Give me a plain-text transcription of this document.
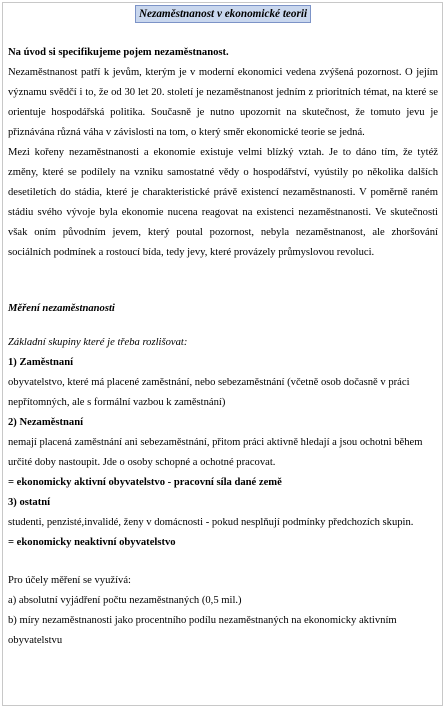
Nezaměstnanost v ekonomické teorii

Na úvod si specifikujeme pojem nezaměstnanost.

Nezaměstnanost patří k jevům, kterým je v moderní ekonomici vedena zvýšená pozornost. O jejím významu svědčí i to, že od 30 let 20. století je nezaměstnanost jedním z prioritních témat, na které se orientuje hospodářská politika. Současně je nutno upozornit na skutečnost, že tomuto jevu je přiznávána různá váha v závislosti na tom, o který směr ekonomické teorie se jedná.

Mezi kořeny nezaměstnanosti a ekonomie existuje velmi blízký vztah. Je to dáno tím, že tytéž změny, které se podílely na vzniku samostatné vědy o hospodářství, vyústily po několika dalších desetiletích do stádia, které je charakteristické právě existencí nezaměstnanosti. V poměrně raném stádiu svého vývoje byla ekonomie nucena reagovat na existenci nezaměstnanosti. Ve skutečnosti však oním původním jevem, který poutal pozornost, nebyla nezaměstnanost, ale zhoršování sociálních podmínek a rostoucí bída, tedy jevy, které provázely průmyslovou revoluci.

Měření nezaměstnanosti

Základní skupiny které je třeba rozlišovat:

1) Zaměstnaní

obyvatelstvo, které má placené zaměstnání, nebo sebezaměstnání (včetně osob dočasně v práci nepřítomných, ale s formální vazbou k zaměstnání)

2) Nezaměstnaní

nemají placená zaměstnání ani sebezaměstnání, přitom práci aktivně hledají a jsou ochotni během určité doby nastoupit. Jde o osoby schopné a ochotné pracovat.

= ekonomicky aktivní obyvatelstvo - pracovní síla dané země

3) ostatní

studenti, penzisté,invalidé, ženy v domácnosti - pokud nesplňují podmínky předchozích skupin.

= ekonomicky neaktivní obyvatelstvo

Pro účely měření se využívá:

a) absolutní vyjádření počtu nezaměstnaných (0,5 mil.)

b) míry nezaměstnanosti jako procentního podílu nezaměstnaných na ekonomicky aktivním obyvatelstvu
